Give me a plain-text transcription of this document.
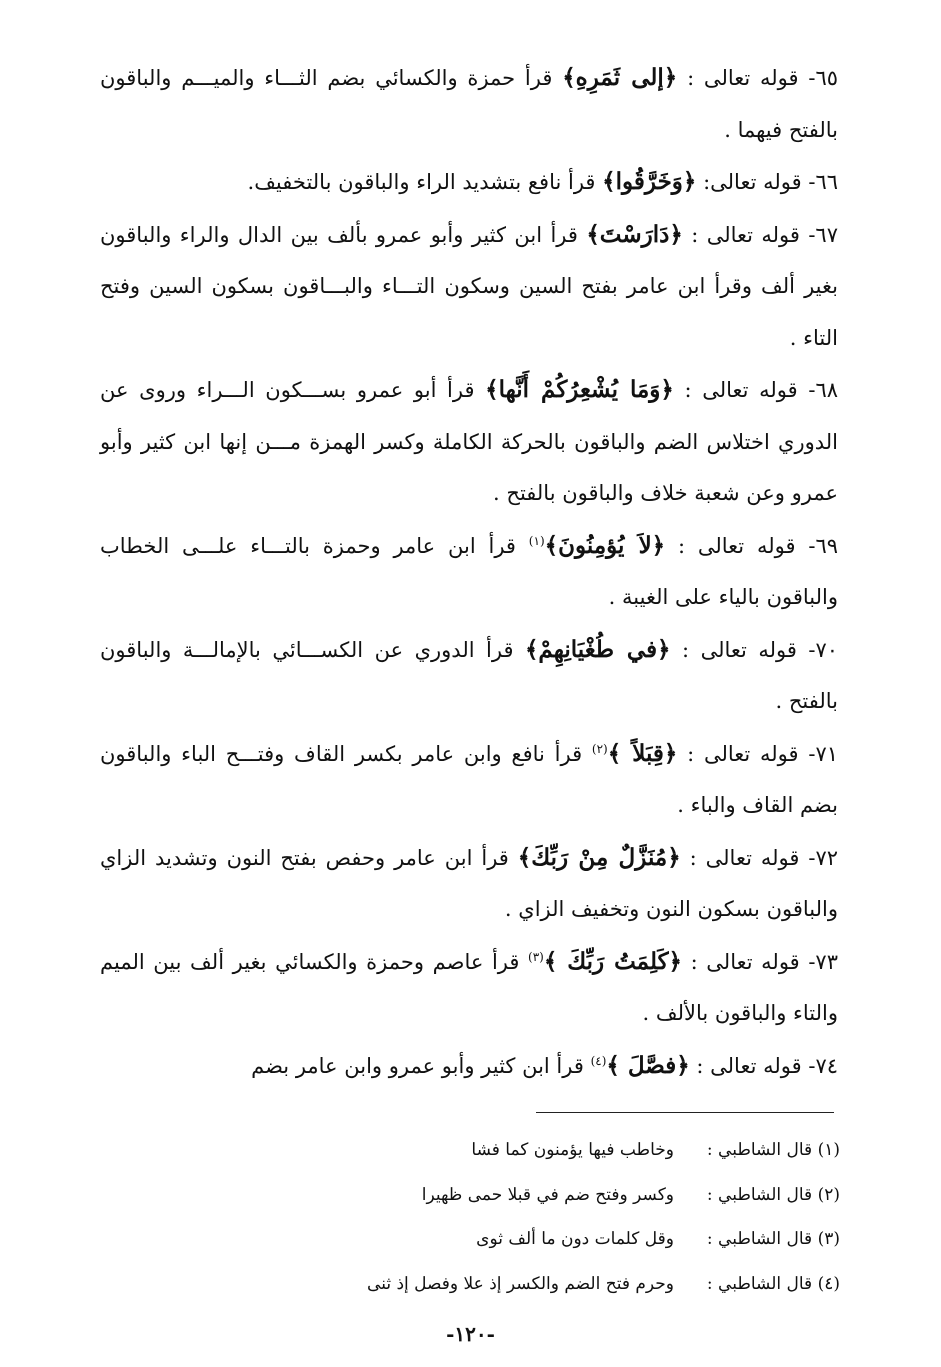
٦٥- قوله تعالى : ﴿إلى ثَمَرِهِ﴾ قرأ حمزة والكسائي بضم الثـــاء والميـــم والباقون بالفتح فيهما .

٦٦- قوله تعالى: ﴿وَخَرَّقُوا﴾ قرأ نافع بتشديد الراء والباقون بالتخفيف.

٦٧- قوله تعالى : ﴿دَارَسْتَ﴾ قرأ ابن كثير وأبو عمرو بألف بين الدال والراء والباقون بغير ألف وقرأ ابن عامر بفتح السين وسكون التـــاء والبـــاقون بسكون السين وفتح التاء .

٦٨- قوله تعالى : ﴿وَمَا يُشْعِرُكُمْ أَنَّها﴾ قرأ أبو عمرو بســـكون الـــراء وروى عن الدوري اختلاس الضم والباقون بالحركة الكاملة وكسر الهمزة مـــن إنها ابن كثير وأبو عمرو وعن شعبة خلاف والباقون بالفتح .

٦٩- قوله تعالى : ﴿لاَ يُؤمِنُونَ﴾$^{(١)}$ قرأ ابن عامر وحمزة بالتـــاء علـــى الخطاب والباقون بالياء على الغيبة .

٧٠- قوله تعالى : ﴿في طُغْيَانِهِمْ﴾ قرأ الدوري عن الكســـائي بالإمالـــة والباقون بالفتح .

٧١- قوله تعالى : ﴿قِبَلاً ﴾$^{(٢)}$ قرأ نافع وابن عامر بكسر القاف وفتـــح الباء والباقون بضم القاف والباء .

٧٢- قوله تعالى : ﴿مُنَزَّلٌ مِنْ رَبِّكَ﴾ قرأ ابن عامر وحفص بفتح النون وتشديد الزاي والباقون بسكون النون وتخفيف الزاي .

٧٣- قوله تعالى : ﴿كَلِمَتُ رَبِّكَ ﴾$^{(٣)}$ قرأ عاصم وحمزة والكسائي بغير ألف بين الميم والتاء والباقون بالألف .

٧٤- قوله تعالى : ﴿فصَّلَ ﴾$^{(٤)}$ قرأ ابن كثير وأبو عمرو وابن عامر بضم

(١) قال الشاطبي :
وخاطب فيها يؤمنون كما فشا
(٢) قال الشاطبي :
وكسر وفتح ضم في قبلا حمى ظهيرا
(٣) قال الشاطبي :
وقل كلمات دون ما ألف ثوى
(٤) قال الشاطبي :
وحرم فتح الضم والكسر إذ علا وفصل إذ ثنى
-١٢٠-
